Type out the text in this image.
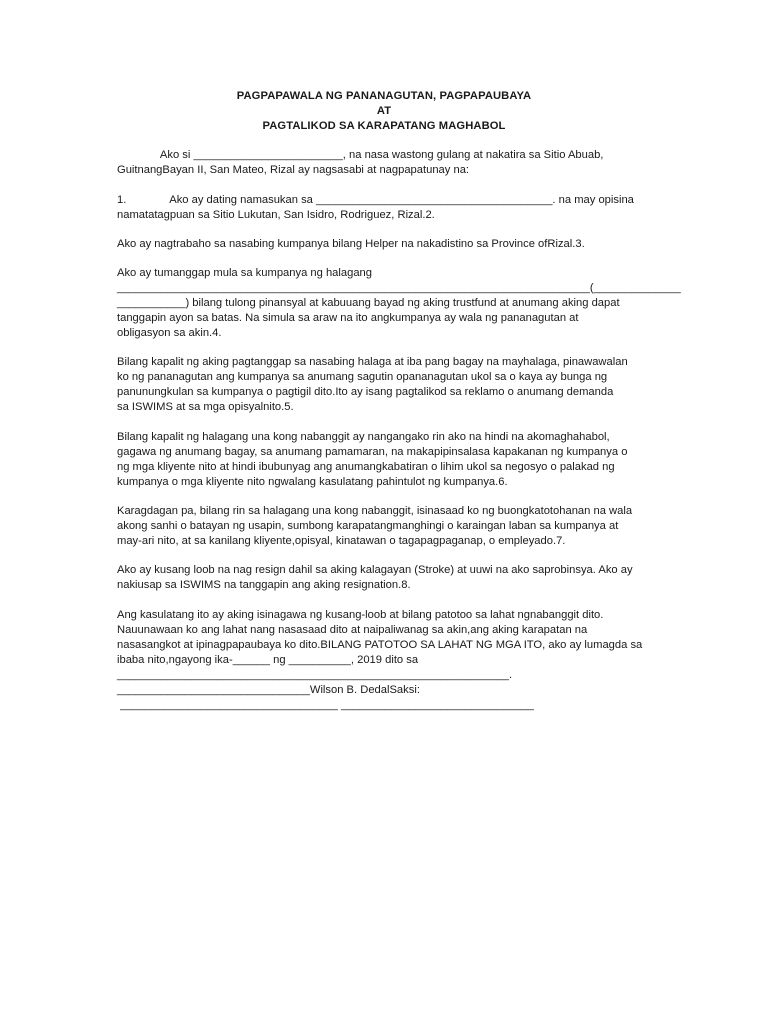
PAGPAPAWALA NG PANANAGUTAN, PAGPAPAUBAYA
AT
PAGTALIKOD SA KARAPATANG MAGHABOL
Ako si ________________________, na nasa wastong gulang at nakatira sa Sitio Abuab,
GuitnangBayan II, San Mateo, Rizal ay nagsasabi at nagpapatunay na:
1.              Ako ay dating namasukan sa ______________________________________. na may opisina
namatatagpuan sa Sitio Lukutan, San Isidro, Rodriguez, Rizal.2.
Ako ay nagtrabaho sa nasabing kumpanya bilang Helper na nakadistino sa Province ofRizal.3.
Ako ay tumanggap mula sa kumpanya ng halagang
____________________________________________________________________________(______________
___________) bilang tulong pinansyal at kabuuang bayad ng aking trustfund at anumang aking dapat
tanggapin ayon sa batas. Na simula sa araw na ito angkumpanya ay wala ng pananagutan at
obligasyon sa akin.4.
Bilang kapalit ng aking pagtanggap sa nasabing halaga at iba pang bagay na mayhalaga, pinawawalan
ko ng pananagutan ang kumpanya sa anumang sagutin opananagutan ukol sa o kaya ay bunga ng
panunungkulan sa kumpanya o pagtigil dito.Ito ay isang pagtalikod sa reklamo o anumang demanda
sa ISWIMS at sa mga opisyalnito.5.
Bilang kapalit ng halagang una kong nabanggit ay nangangako rin ako na hindi na akomaghahabol,
gagawa ng anumang bagay, sa anumang pamamaran, na makapipinsalasa kapakanan ng kumpanya o
ng mga kliyente nito at hindi ibubunyag ang anumangkabatiran o lihim ukol sa negosyo o palakad ng
kumpanya o mga kliyente nito ngwalang kasulatang pahintulot ng kumpanya.6.
Karagdagan pa, bilang rin sa halagang una kong nabanggit, isinasaad ko ng buongkatotohanan na wala
akong sanhi o batayan ng usapin, sumbong karapatangmanghingi o karaingan laban sa kumpanya at
may-ari nito, at sa kanilang kliyente,opisyal, kinatawan o tagapagpaganap, o empleyado.7.
Ako ay kusang loob na nag resign dahil sa aking kalagayan (Stroke) at uuwi na ako saprobinsya. Ako ay
nakiusap sa ISWIMS na tanggapin ang aking resignation.8.
Ang kasulatang ito ay aking isinagawa ng kusang-loob at bilang patotoo sa lahat ngnabanggit dito.
Nauunawaan ko ang lahat nang nasasaad dito at naipaliwanag sa akin,ang aking karapatan na
nasasangkot at ipinagpapaubaya ko dito.BILANG PATOTOO SA LAHAT NG MGA ITO, ako ay lumagda sa
ibaba nito,ngayong ika-______ ng __________, 2019 dito sa
_______________________________________________________________.
_______________________________Wilson B. DedalSaksi:
___________________________________ _______________________________
